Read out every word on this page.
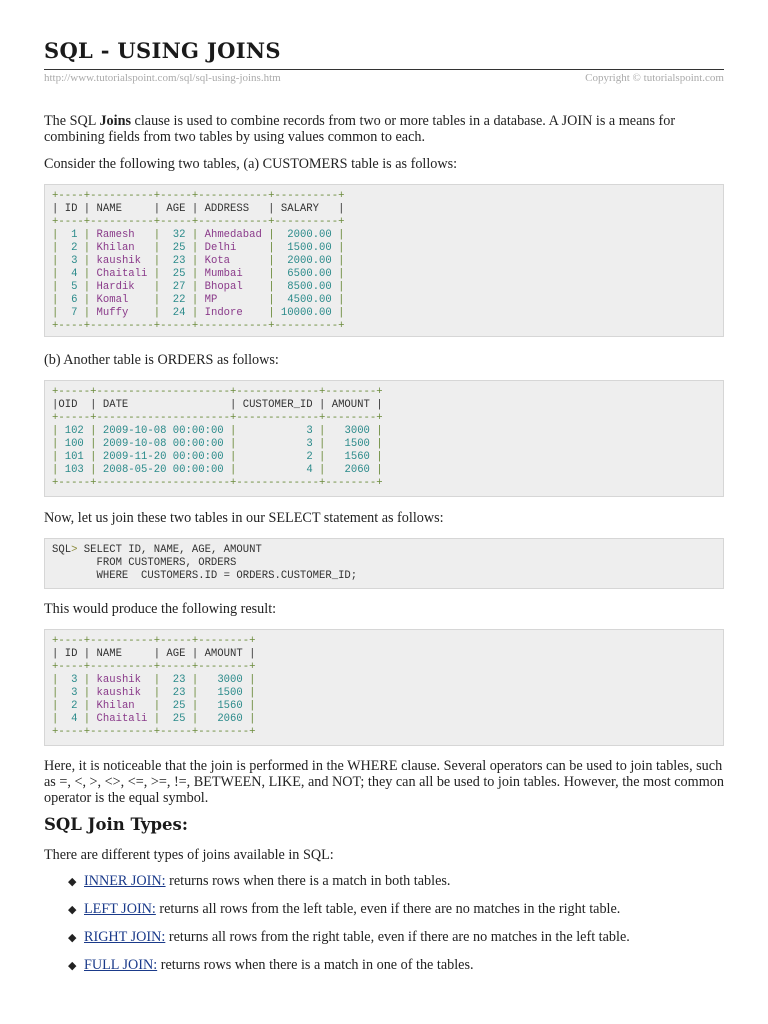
SQL - USING JOINS
http://www.tutorialspoint.com/sql/sql-using-joins.htm	Copyright © tutorialspoint.com

The SQL Joins clause is used to combine records from two or more tables in a database. A JOIN is a means for combining fields from two tables by using values common to each.

Consider the following two tables, (a) CUSTOMERS table is as follows:

+----+----------+-----+-----------+----------+
| ID | NAME     | AGE | ADDRESS   | SALARY   |
+----+----------+-----+-----------+----------+
|  1 | Ramesh   |  32 | Ahmedabad |  2000.00 |
|  2 | Khilan   |  25 | Delhi     |  1500.00 |
|  3 | kaushik  |  23 | Kota      |  2000.00 |
|  4 | Chaitali |  25 | Mumbai    |  6500.00 |
|  5 | Hardik   |  27 | Bhopal    |  8500.00 |
|  6 | Komal    |  22 | MP        |  4500.00 |
|  7 | Muffy    |  24 | Indore    | 10000.00 |
+----+----------+-----+-----------+----------+

(b) Another table is ORDERS as follows:

+-----+---------------------+-------------+--------+
|OID  | DATE                | CUSTOMER_ID | AMOUNT |
+-----+---------------------+-------------+--------+
| 102 | 2009-10-08 00:00:00 |           3 |   3000 |
| 100 | 2009-10-08 00:00:00 |           3 |   1500 |
| 101 | 2009-11-20 00:00:00 |           2 |   1560 |
| 103 | 2008-05-20 00:00:00 |           4 |   2060 |
+-----+---------------------+-------------+--------+

Now, let us join these two tables in our SELECT statement as follows:

SQL> SELECT ID, NAME, AGE, AMOUNT
FROM CUSTOMERS, ORDERS
WHERE  CUSTOMERS.ID = ORDERS.CUSTOMER_ID;

This would produce the following result:

+----+----------+-----+--------+
| ID | NAME     | AGE | AMOUNT |
+----+----------+-----+--------+
|  3 | kaushik  |  23 |   3000 |
|  3 | kaushik  |  23 |   1500 |
|  2 | Khilan   |  25 |   1560 |
|  4 | Chaitali |  25 |   2060 |
+----+----------+-----+--------+

Here, it is noticeable that the join is performed in the WHERE clause. Several operators can be used to join tables, such as =, <, >, <>, <=, >=, !=, BETWEEN, LIKE, and NOT; they can all be used to join tables. However, the most common operator is the equal symbol.

SQL Join Types:

There are different types of joins available in SQL:

◆ INNER JOIN: returns rows when there is a match in both tables.
◆ LEFT JOIN: returns all rows from the left table, even if there are no matches in the right table.
◆ RIGHT JOIN: returns all rows from the right table, even if there are no matches in the left table.
◆ FULL JOIN: returns rows when there is a match in one of the tables.
